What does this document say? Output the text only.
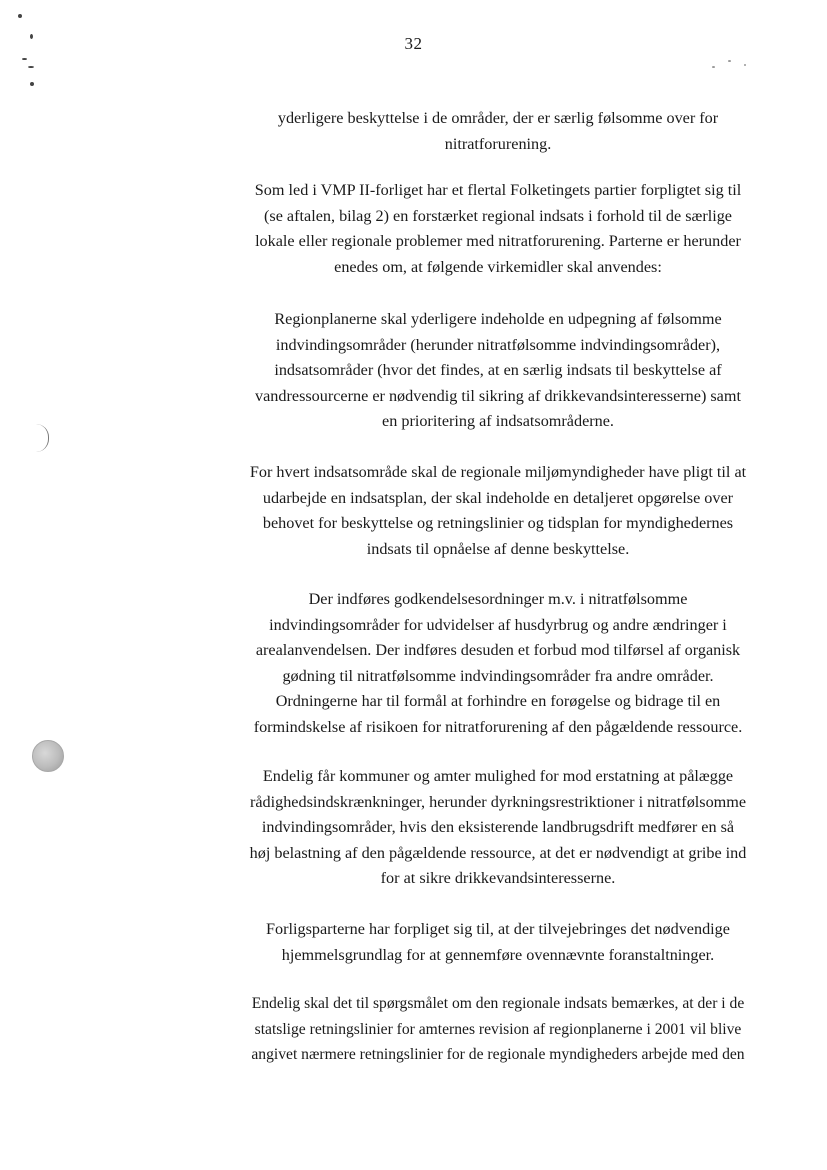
32
yderligere beskyttelse i de områder, der er særlig følsomme over for
nitratforurening.
Som led i VMP II-forliget har et flertal Folketingets partier forpligtet sig til
(se aftalen, bilag 2) en forstærket regional indsats i forhold til de særlige
lokale eller regionale problemer med nitratforurening. Parterne er herunder
enedes om, at følgende virkemidler skal anvendes:
Regionplanerne skal yderligere indeholde en udpegning af følsomme
indvindingsområder (herunder nitratfølsomme indvindingsområder),
indsatsområder (hvor det findes, at en særlig indsats til beskyttelse af
vandressourcerne er nødvendig til sikring af drikkevandsinteresserne) samt
en prioritering af indsatsområderne.
For hvert indsatsområde skal de regionale miljømyndigheder have pligt til at
udarbejde en indsatsplan, der skal indeholde en detaljeret opgørelse over
behovet for beskyttelse og retningslinier og tidsplan for myndighedernes
indsats til opnåelse af denne beskyttelse.
Der indføres godkendelsesordninger m.v. i nitratfølsomme
indvindingsområder for udvidelser af husdyrbrug og andre ændringer i
arealanvendelsen. Der indføres desuden et forbud mod tilførsel af organisk
gødning til nitratfølsomme indvindingsområder fra andre områder.
Ordningerne har til formål at forhindre en forøgelse og bidrage til en
formindskelse af risikoen for nitratforurening af den pågældende ressource.
Endelig får kommuner og amter mulighed for mod erstatning at pålægge
rådighedsindskrænkninger, herunder dyrkningsrestriktioner i nitratfølsomme
indvindingsområder, hvis den eksisterende landbrugsdrift medfører en så
høj belastning af den pågældende ressource, at det er nødvendigt at gribe ind
for at sikre drikkevandsinteresserne.
Forligsparterne har forpliget sig til, at der tilvejebringes det nødvendige
hjemmelsgrundlag for at gennemføre ovennævnte foranstaltninger.
Endelig skal det til spørgsmålet om den regionale indsats bemærkes, at der i de
statslige retningslinier for amternes revision af regionplanerne i 2001 vil blive
angivet nærmere retningslinier for de regionale myndigheders arbejde med den
